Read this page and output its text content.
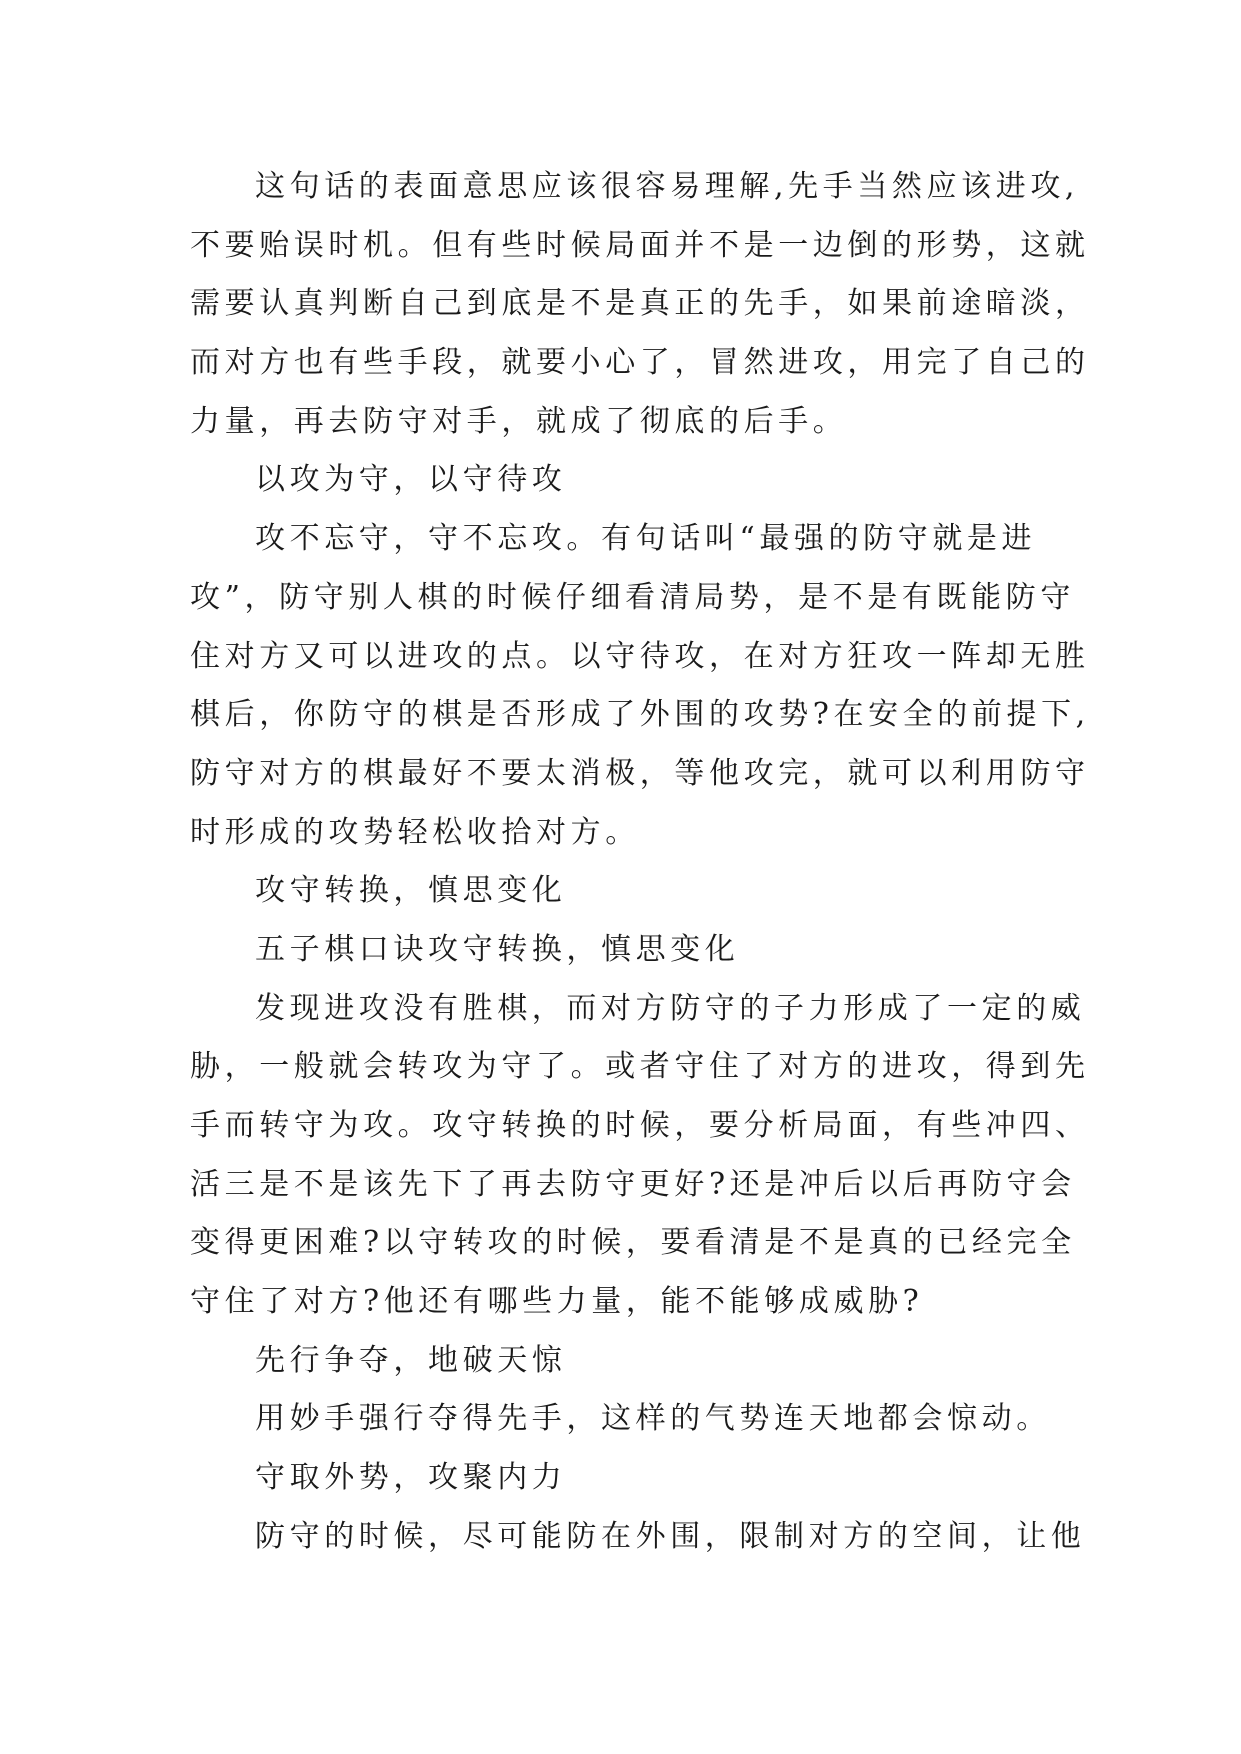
这句话的表面意思应该很容易理解,先手当然应该进攻,
不要贻误时机。但有些时候局面并不是一边倒的形势，这就
需要认真判断自己到底是不是真正的先手，如果前途暗淡，
而对方也有些手段，就要小心了，冒然进攻，用完了自己的
力量，再去防守对手，就成了彻底的后手。
以攻为守，以守待攻
攻不忘守，守不忘攻。有句话叫“最强的防守就是进
攻”，防守别人棋的时候仔细看清局势，是不是有既能防守
住对方又可以进攻的点。以守待攻，在对方狂攻一阵却无胜
棋后，你防守的棋是否形成了外围的攻势?在安全的前提下,
防守对方的棋最好不要太消极，等他攻完，就可以利用防守
时形成的攻势轻松收拾对方。
攻守转换，慎思变化
五子棋口诀攻守转换，慎思变化
发现进攻没有胜棋，而对方防守的子力形成了一定的威
胁，一般就会转攻为守了。或者守住了对方的进攻，得到先
手而转守为攻。攻守转换的时候，要分析局面，有些冲四、
活三是不是该先下了再去防守更好?还是冲后以后再防守会
变得更困难?以守转攻的时候，要看清是不是真的已经完全
守住了对方?他还有哪些力量，能不能够成威胁?
先行争夺，地破天惊
用妙手强行夺得先手，这样的气势连天地都会惊动。
守取外势，攻聚内力
防守的时候，尽可能防在外围，限制对方的空间，让他
